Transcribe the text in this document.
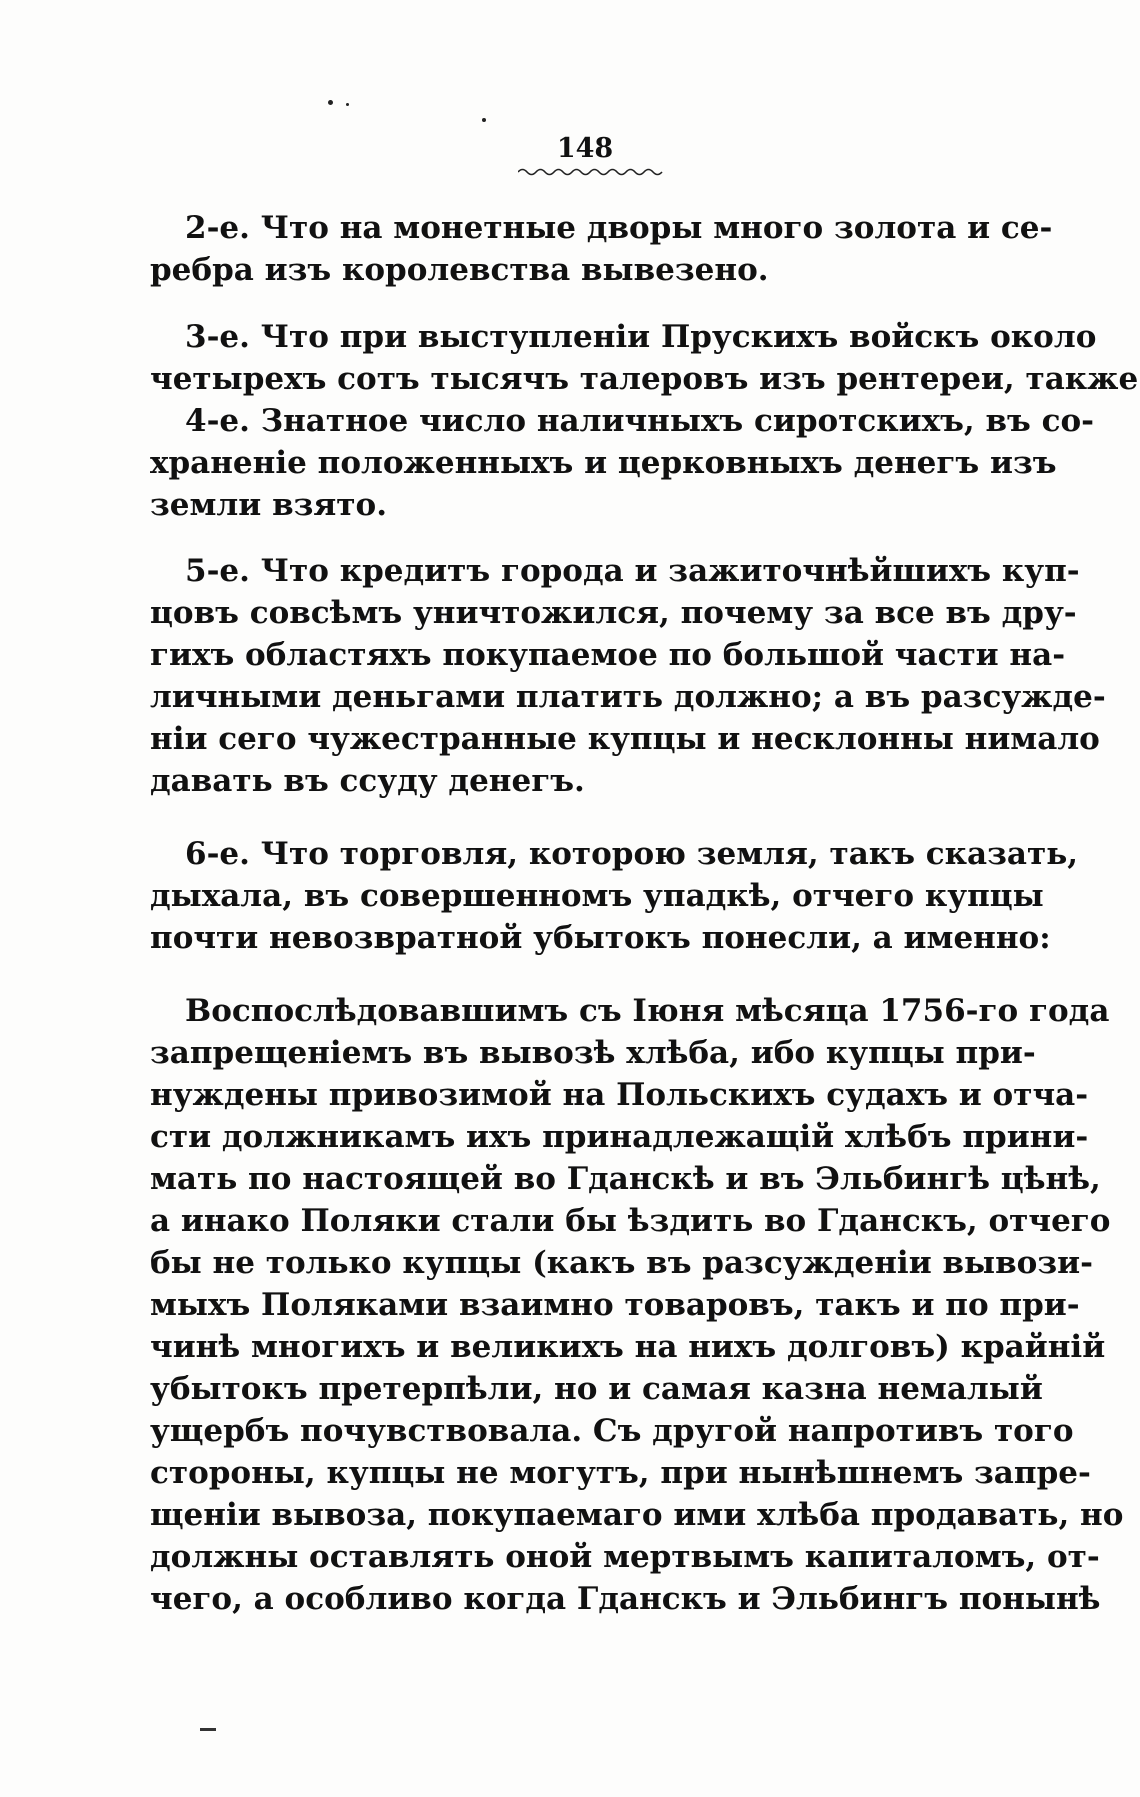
148
2-е. Что на монетные дворы много золота и се-
ребра изъ королевства вывезено.
3-е. Что при выступленіи Прускихъ войскъ около
четырехъ сотъ тысячъ талеровъ изъ рентереи, также
4-е. Знатное число наличныхъ сиротскихъ, въ со-
храненіе положенныхъ и церковныхъ денегъ изъ
земли взято.
5-е. Что кредитъ города и зажиточнѣйшихъ куп-
цовъ совсѣмъ уничтожился, почему за все въ дру-
гихъ областяхъ покупаемое по большой части на-
личными деньгами платить должно; а въ разсужде-
ніи сего чужестранные купцы и несклонны нимало
давать въ ссуду денегъ.
6-е. Что торговля, которою земля, такъ сказать,
дыхала, въ совершенномъ упадкѣ, отчего купцы
почти невозвратной убытокъ понесли, а именно:
Воспослѣдовавшимъ съ Іюня мѣсяца 1756-го года
запрещеніемъ въ вывозѣ хлѣба, ибо купцы при-
нуждены привозимой на Польскихъ судахъ и отча-
сти должникамъ ихъ принадлежащій хлѣбъ прини-
мать по настоящей во Гданскѣ и въ Эльбингѣ цѣнѣ,
а инако Поляки стали бы ѣздить во Гданскъ, отчего
бы не только купцы (какъ въ разсужденіи вывози-
мыхъ Поляками взаимно товаровъ, такъ и по при-
чинѣ многихъ и великихъ на нихъ долговъ) крайній
убытокъ претерпѣли, но и самая казна немалый
ущербъ почувствовала. Съ другой напротивъ того
стороны, купцы не могутъ, при нынѣшнемъ запре-
щеніи вывоза, покупаемаго ими хлѣба продавать, но
должны оставлять оной мертвымъ капиталомъ, от-
чего, а особливо когда Гданскъ и Эльбингъ понынѣ
